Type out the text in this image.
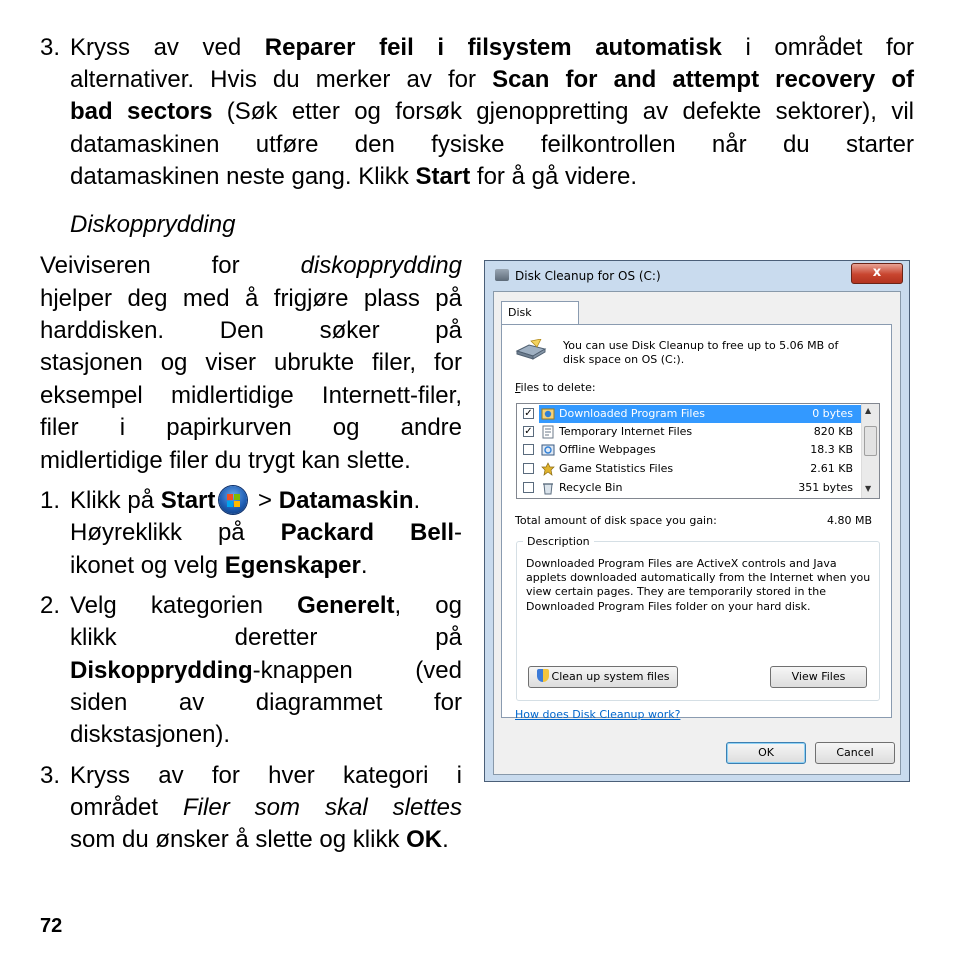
3. Kryss av ved Reparer feil i filsystem automatisk i området for
alternativer. Hvis du merker av for Scan for and attempt recovery of
bad sectors (Søk etter og forsøk gjenoppretting av defekte sektorer), vil
datamaskinen utføre den fysiske feilkontrollen når du starter
datamaskinen neste gang. Klikk Start for å gå videre.
Diskopprydding
Veiviseren for diskopprydding
hjelper deg med å frigjøre plass på
harddisken. Den søker på
stasjonen og viser ubrukte filer, for
eksempel midlertidige Internett-filer,
filer i papirkurven og andre
midlertidige filer du trygt kan slette.
1. Klikk på Start
> Datamaskin.
Høyreklikk på Packard Bell-
ikonet og velg Egenskaper.
2. Velg kategorien Generelt, og
klikk deretter på
Diskopprydding-knappen (ved
siden av diagrammet for
diskstasjonen).
3. Kryss av for hver kategori i
området Filer som skal slettes
som du ønsker å slette og klikk OK.
Disk Cleanup for OS (C:)	x
Disk
You can use Disk Cleanup to free up to 5.06 MB of disk space on OS (C:).
Files to delete:
✓ Downloaded Program Files	0 bytes
✓ Temporary Internet Files	820 KB
Offline Webpages	18.3 KB
Game Statistics Files	2.61 KB
Recycle Bin	351 bytes
▲
▼
Total amount of disk space you gain:	4.80 MB
Description
Downloaded Program Files are ActiveX controls and Java applets downloaded automatically from the Internet when you view certain pages. They are temporarily stored in the Downloaded Program Files folder on your hard disk.
Clean up system files	View Files
How does Disk Cleanup work?
OK	Cancel
72
